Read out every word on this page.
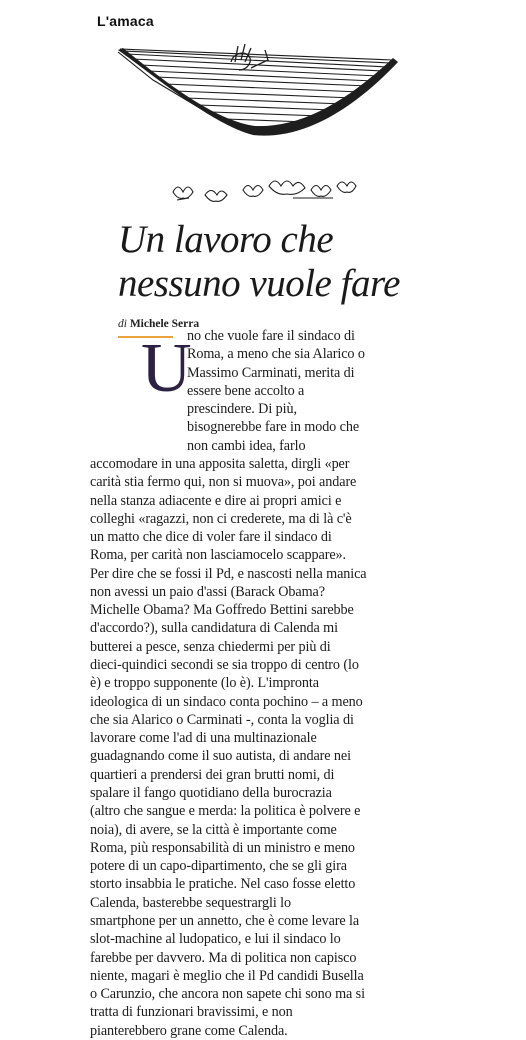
L'amaca
Un lavoro che
nessuno vuole fare
di Michele Serra
U
no che vuole fare il sindaco di
Roma, a meno che sia Alarico o
Massimo Carminati, merita di
essere bene accolto a
prescindere. Di più,
bisognerebbe fare in modo che
non cambi idea, farlo
accomodare in una apposita saletta, dirgli «per
carità stia fermo qui, non si muova», poi andare
nella stanza adiacente e dire ai propri amici e
colleghi «ragazzi, non ci crederete, ma di là c'è
un matto che dice di voler fare il sindaco di
Roma, per carità non lasciamocelo scappare».
Per dire che se fossi il Pd, e nascosti nella manica
non avessi un paio d'assi (Barack Obama?
Michelle Obama? Ma Goffredo Bettini sarebbe
d'accordo?), sulla candidatura di Calenda mi
butterei a pesce, senza chiedermi per più di
dieci-quindici secondi se sia troppo di centro (lo
è) e troppo supponente (lo è). L'impronta
ideologica di un sindaco conta pochino – a meno
che sia Alarico o Carminati -, conta la voglia di
lavorare come l'ad di una multinazionale
guadagnando come il suo autista, di andare nei
quartieri a prendersi dei gran brutti nomi, di
spalare il fango quotidiano della burocrazia
(altro che sangue e merda: la politica è polvere e
noia), di avere, se la città è importante come
Roma, più responsabilità di un ministro e meno
potere di un capo-dipartimento, che se gli gira
storto insabbia le pratiche. Nel caso fosse eletto
Calenda, basterebbe sequestrargli lo
smartphone per un annetto, che è come levare la
slot-machine al ludopatico, e lui il sindaco lo
farebbe per davvero. Ma di politica non capisco
niente, magari è meglio che il Pd candidi Busella
o Carunzio, che ancora non sapete chi sono ma si
tratta di funzionari bravissimi, e non
pianterebbero grane come Calenda.
